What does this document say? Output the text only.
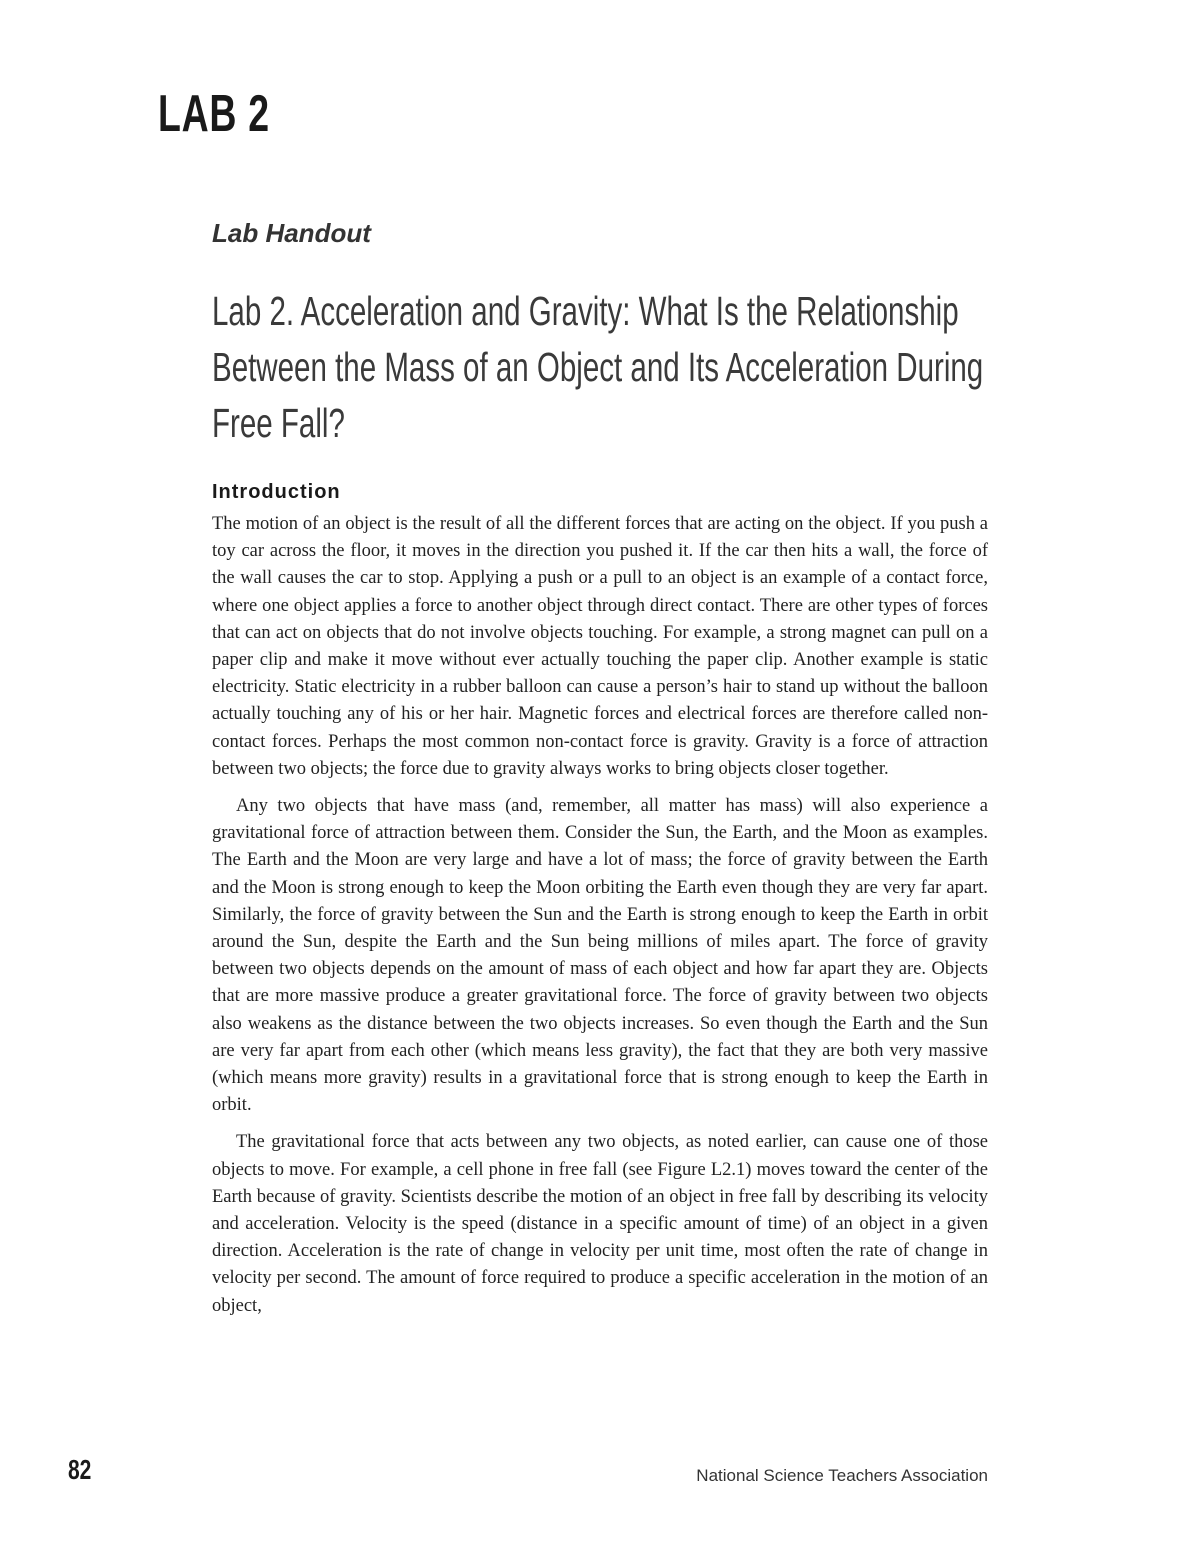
LAB 2
Lab Handout
Lab 2. Acceleration and Gravity: What Is the Relationship Between the Mass of an Object and Its Acceleration During Free Fall?
Introduction

The motion of an object is the result of all the different forces that are acting on the object. If you push a toy car across the floor, it moves in the direction you pushed it. If the car then hits a wall, the force of the wall causes the car to stop. Applying a push or a pull to an object is an example of a contact force, where one object applies a force to another object through direct contact. There are other types of forces that can act on objects that do not involve objects touching. For example, a strong magnet can pull on a paper clip and make it move without ever actually touching the paper clip. Another example is static electricity. Static electricity in a rubber balloon can cause a person’s hair to stand up without the balloon actually touching any of his or her hair. Magnetic forces and electrical forces are therefore called non-contact forces. Perhaps the most common non-contact force is gravity. Gravity is a force of attraction between two objects; the force due to gravity always works to bring objects closer together.

Any two objects that have mass (and, remember, all matter has mass) will also experience a gravitational force of attraction between them. Consider the Sun, the Earth, and the Moon as examples. The Earth and the Moon are very large and have a lot of mass; the force of gravity between the Earth and the Moon is strong enough to keep the Moon orbiting the Earth even though they are very far apart. Similarly, the force of gravity between the Sun and the Earth is strong enough to keep the Earth in orbit around the Sun, despite the Earth and the Sun being millions of miles apart. The force of gravity between two objects depends on the amount of mass of each object and how far apart they are. Objects that are more massive produce a greater gravitational force. The force of gravity between two objects also weakens as the distance between the two objects increases. So even though the Earth and the Sun are very far apart from each other (which means less gravity), the fact that they are both very massive (which means more gravity) results in a gravitational force that is strong enough to keep the Earth in orbit.

The gravitational force that acts between any two objects, as noted earlier, can cause one of those objects to move. For example, a cell phone in free fall (see Figure L2.1) moves toward the center of the Earth because of gravity. Scientists describe the motion of an object in free fall by describing its velocity and acceleration. Velocity is the speed (distance in a specific amount of time) of an object in a given direction. Acceleration is the rate of change in velocity per unit time, most often the rate of change in velocity per second. The amount of force required to produce a specific acceleration in the motion of an object,

82	National Science Teachers Association
